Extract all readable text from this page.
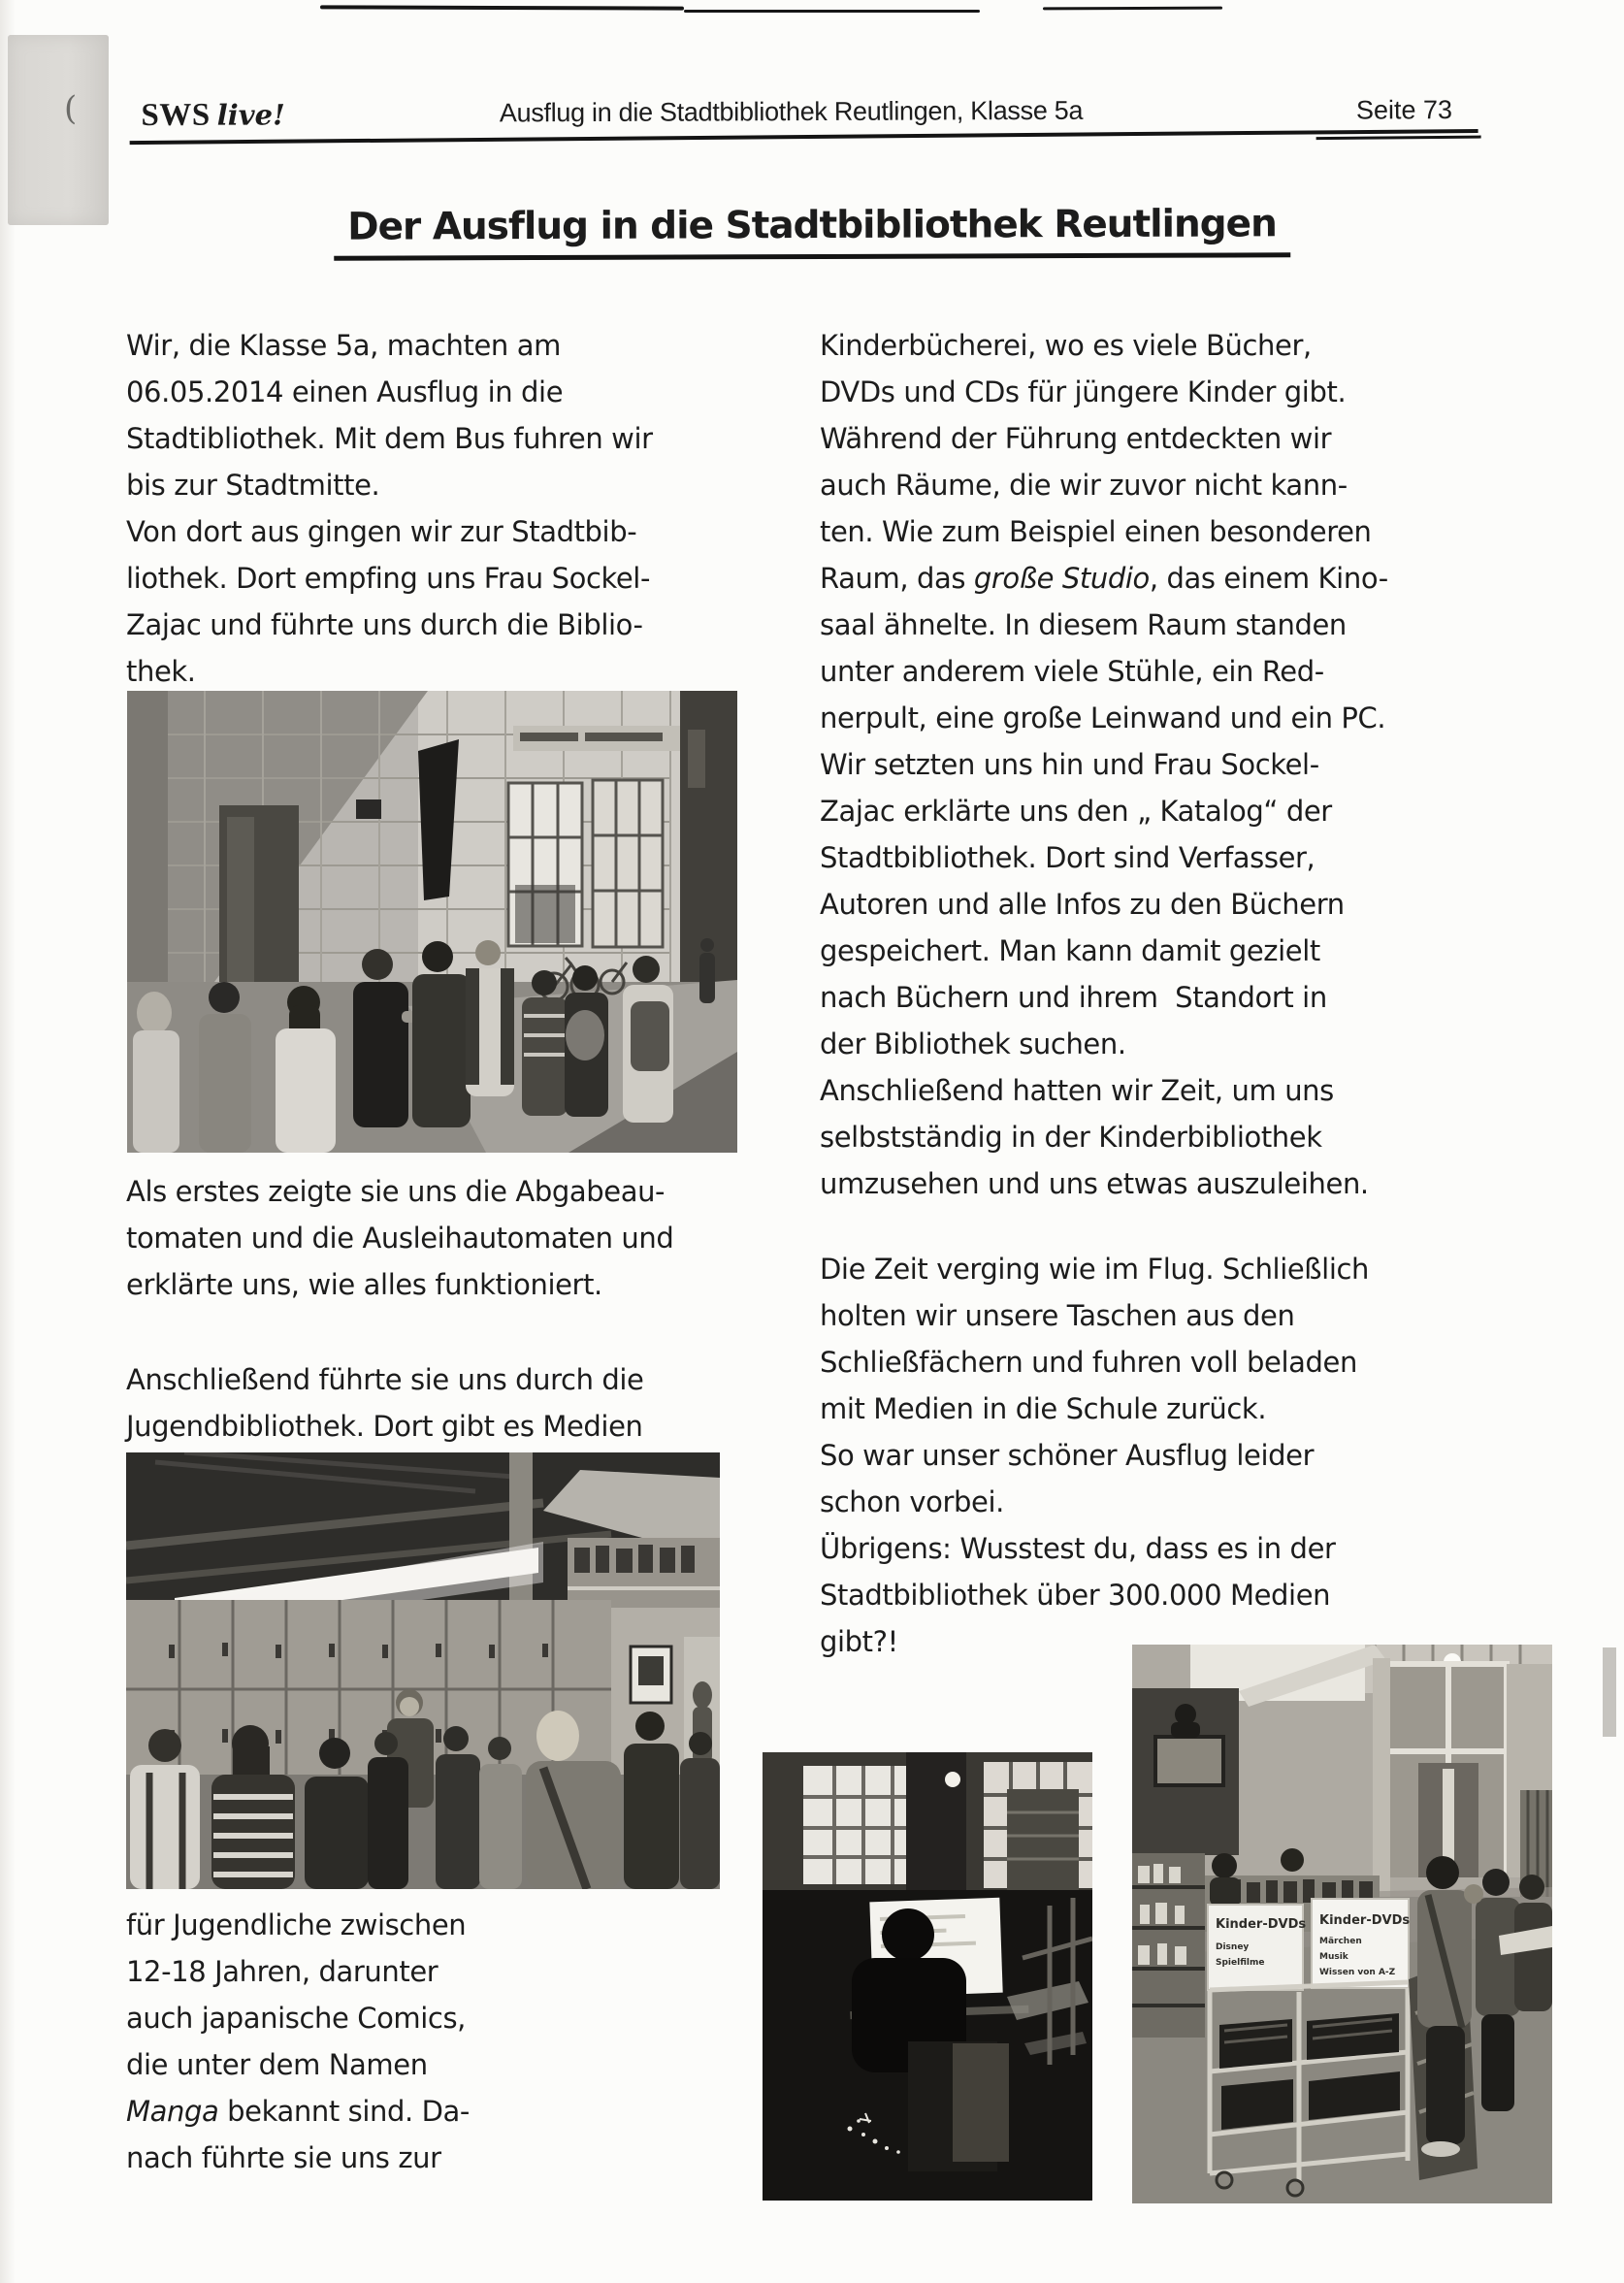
( SWS live!	Ausflug in die Stadtbibliothek Reutlingen, Klasse 5a	Seite 73
Der Ausflug in die Stadtbibliothek Reutlingen
Wir, die Klasse 5a, machten am
06.05.2014 einen Ausflug in die
Stadtibliothek. Mit dem Bus fuhren wir
bis zur Stadtmitte.
Von dort aus gingen wir zur Stadtbib-
liothek. Dort empfing uns Frau Sockel-
Zajac und führte uns durch die Biblio-
thek.
Als erstes zeigte sie uns die Abgabeau-
tomaten und die Ausleihautomaten und
erklärte uns, wie alles funktioniert.
Anschließend führte sie uns durch die
Jugendbibliothek. Dort gibt es Medien
für Jugendliche zwischen
12-18 Jahren, darunter
auch japanische Comics,
die unter dem Namen
Manga bekannt sind. Da-
nach führte sie uns zur
Kinderbücherei, wo es viele Bücher,
DVDs und CDs für jüngere Kinder gibt.
Während der Führung entdeckten wir
auch Räume, die wir zuvor nicht kann-
ten. Wie zum Beispiel einen besonderen
Raum, das große Studio, das einem Kino-
saal ähnelte. In diesem Raum standen
unter anderem viele Stühle, ein Red-
nerpult, eine große Leinwand und ein PC.
Wir setzten uns hin und Frau Sockel-
Zajac erklärte uns den „ Katalog“ der
Stadtbibliothek. Dort sind Verfasser,
Autoren und alle Infos zu den Büchern
gespeichert. Man kann damit gezielt
nach Büchern und ihrem  Standort in
der Bibliothek suchen.
Anschließend hatten wir Zeit, um uns
selbstständig in der Kinderbibliothek
umzusehen und uns etwas auszuleihen.
Die Zeit verging wie im Flug. Schließlich
holten wir unsere Taschen aus den
Schließfächern und fuhren voll beladen
mit Medien in die Schule zurück.
So war unser schöner Ausflug leider
schon vorbei.
Übrigens: Wusstest du, dass es in der
Stadtbibliothek über 300.000 Medien
gibt?!
Kinder-DVDs
Disney
Spielfilme
Kinder-DVDs
Märchen
Musik
Wissen von A-Z
